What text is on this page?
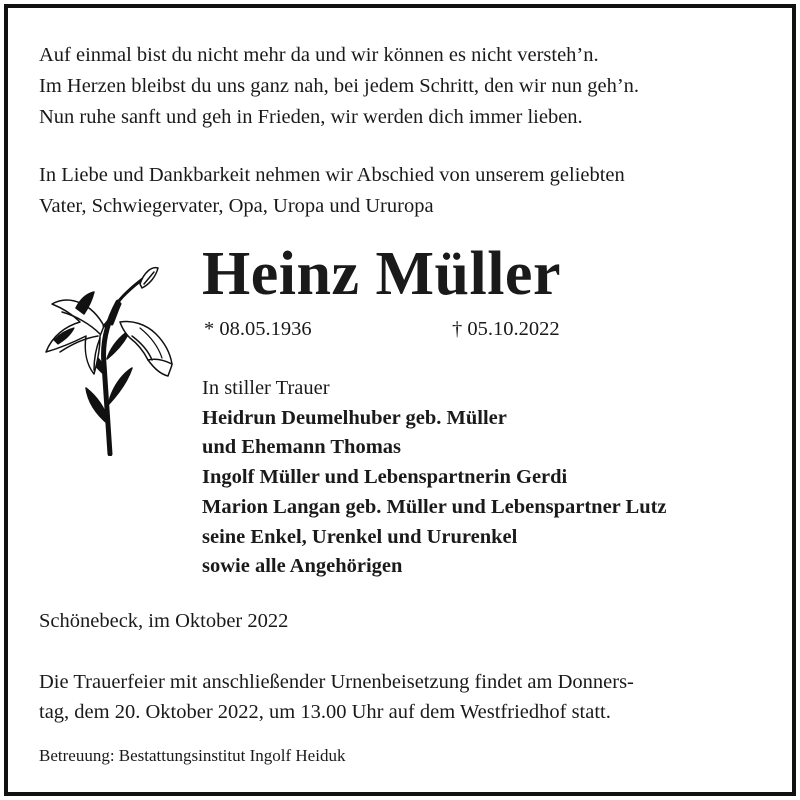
Auf einmal bist du nicht mehr da und wir können es nicht versteh’n.
Im Herzen bleibst du uns ganz nah, bei jedem Schritt, den wir nun geh’n.
Nun ruhe sanft und geh in Frieden, wir werden dich immer lieben.
In Liebe und Dankbarkeit nehmen wir Abschied von unserem geliebten
Vater, Schwiegervater, Opa, Uropa und Ururopa
Heinz Müller
* 08.05.1936	† 05.10.2022
In stiller Trauer
Heidrun Deumelhuber geb. Müller
und Ehemann Thomas
Ingolf Müller und Lebenspartnerin Gerdi
Marion Langan geb. Müller und Lebenspartner Lutz
seine Enkel, Urenkel und Ururenkel
sowie alle Angehörigen
Schönebeck, im Oktober 2022
Die Trauerfeier mit anschließender Urnenbeisetzung findet am Donners-
tag, dem 20. Oktober 2022, um 13.00 Uhr auf dem Westfriedhof statt.
Betreuung: Bestattungsinstitut Ingolf Heiduk
